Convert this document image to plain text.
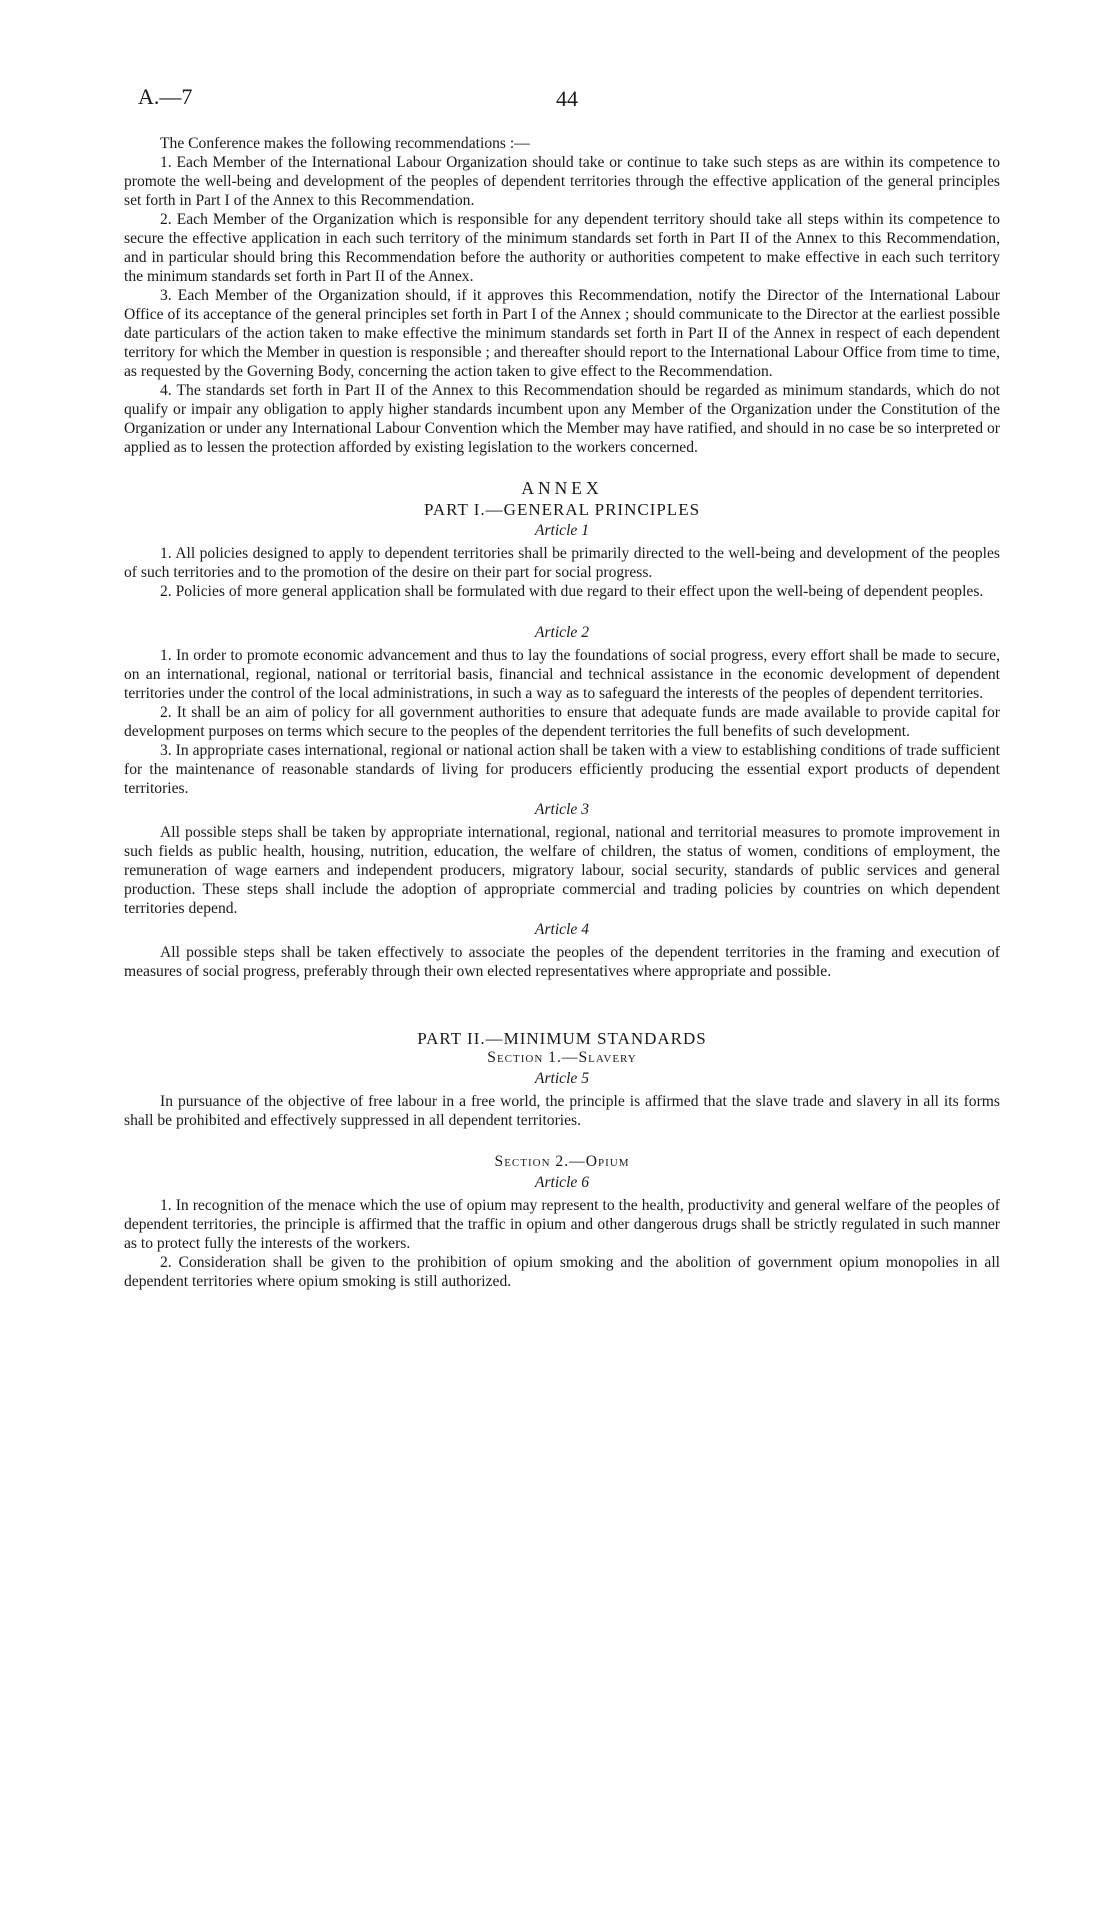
A.—7	44

The Conference makes the following recommendations :—

1. Each Member of the International Labour Organization should take or continue to take such steps as are within its competence to promote the well-being and development of the peoples of dependent territories through the effective application of the general principles set forth in Part I of the Annex to this Recommendation.

2. Each Member of the Organization which is responsible for any dependent territory should take all steps within its competence to secure the effective application in each such territory of the minimum standards set forth in Part II of the Annex to this Recommendation, and in particular should bring this Recommendation before the authority or authorities competent to make effective in each such territory the minimum standards set forth in Part II of the Annex.

3. Each Member of the Organization should, if it approves this Recommendation, notify the Director of the International Labour Office of its acceptance of the general principles set forth in Part I of the Annex ; should communicate to the Director at the earliest possible date particulars of the action taken to make effective the minimum standards set forth in Part II of the Annex in respect of each dependent territory for which the Member in question is responsible ; and thereafter should report to the International Labour Office from time to time, as requested by the Governing Body, concerning the action taken to give effect to the Recommendation.

4. The standards set forth in Part II of the Annex to this Recommendation should be regarded as minimum standards, which do not qualify or impair any obligation to apply higher standards incumbent upon any Member of the Organization under the Constitution of the Organization or under any International Labour Convention which the Member may have ratified, and should in no case be so interpreted or applied as to lessen the protection afforded by existing legislation to the workers concerned.

ANNEX

PART I.—GENERAL PRINCIPLES

Article 1

1. All policies designed to apply to dependent territories shall be primarily directed to the well-being and development of the peoples of such territories and to the promotion of the desire on their part for social progress.

2. Policies of more general application shall be formulated with due regard to their effect upon the well-being of dependent peoples.

Article 2

1. In order to promote economic advancement and thus to lay the foundations of social progress, every effort shall be made to secure, on an international, regional, national or territorial basis, financial and technical assistance in the economic development of dependent territories under the control of the local administrations, in such a way as to safeguard the interests of the peoples of dependent territories.

2. It shall be an aim of policy for all government authorities to ensure that adequate funds are made available to provide capital for development purposes on terms which secure to the peoples of the dependent territories the full benefits of such development.

3. In appropriate cases international, regional or national action shall be taken with a view to establishing conditions of trade sufficient for the maintenance of reasonable standards of living for producers efficiently producing the essential export products of dependent territories.

Article 3

All possible steps shall be taken by appropriate international, regional, national and territorial measures to promote improvement in such fields as public health, housing, nutrition, education, the welfare of children, the status of women, conditions of employment, the remuneration of wage earners and independent producers, migratory labour, social security, standards of public services and general production. These steps shall include the adoption of appropriate commercial and trading policies by countries on which dependent territories depend.

Article 4

All possible steps shall be taken effectively to associate the peoples of the dependent territories in the framing and execution of measures of social progress, preferably through their own elected representatives where appropriate and possible.

PART II.—MINIMUM STANDARDS

Section 1.—Slavery

Article 5

In pursuance of the objective of free labour in a free world, the principle is affirmed that the slave trade and slavery in all its forms shall be prohibited and effectively suppressed in all dependent territories.

Section 2.—Opium

Article 6

1. In recognition of the menace which the use of opium may represent to the health, productivity and general welfare of the peoples of dependent territories, the principle is affirmed that the traffic in opium and other dangerous drugs shall be strictly regulated in such manner as to protect fully the interests of the workers.

2. Consideration shall be given to the prohibition of opium smoking and the abolition of government opium monopolies in all dependent territories where opium smoking is still authorized.
